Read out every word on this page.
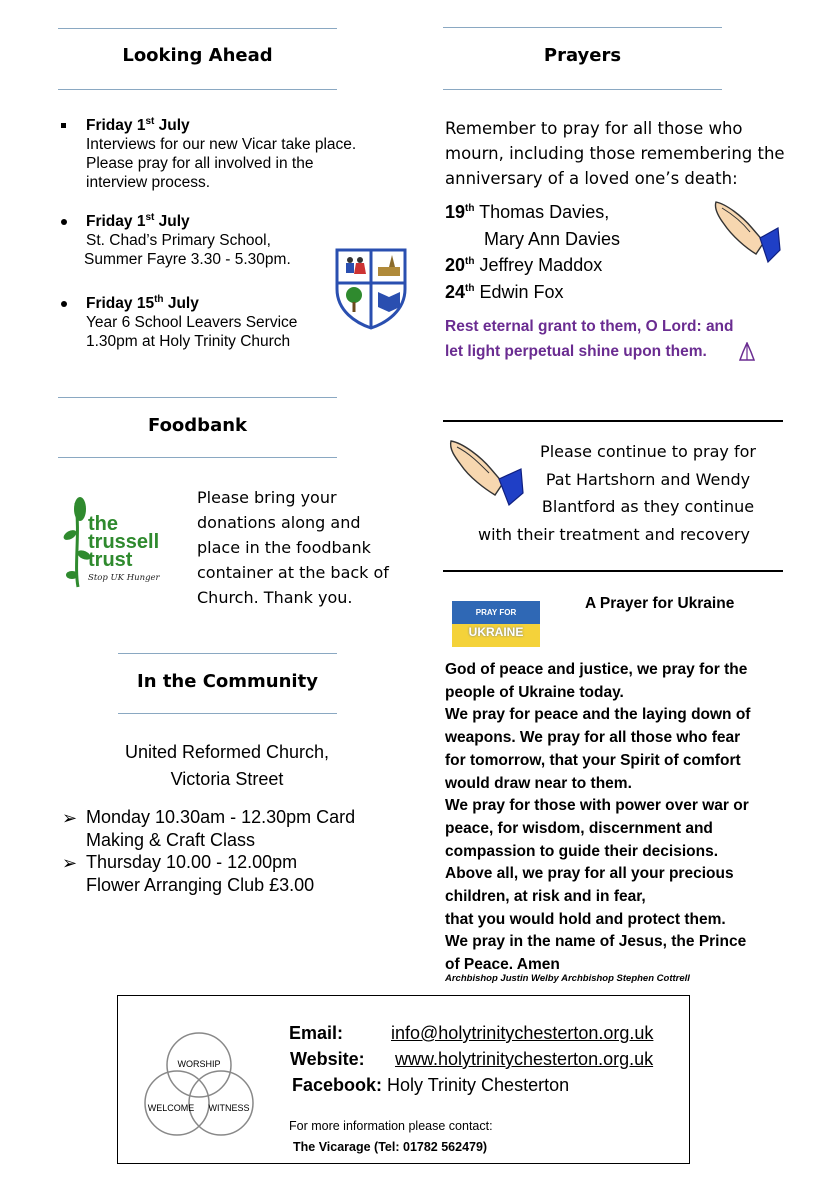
Looking Ahead
Friday 1st July
Interviews for our new Vicar take place.
Please pray for all involved in the
interview process.
Friday 1st July
St. Chad’s Primary School,
Summer Fayre 3.30 - 5.30pm.
Friday 15th July
Year 6 School Leavers Service
1.30pm at Holy Trinity Church
Foodbank
the
trussell
trust
Stop UK Hunger
Please bring your
donations along and
place in the foodbank
container at the back of
Church. Thank you.
In the Community
United Reformed Church,
Victoria Street
➢ Monday 10.30am - 12.30pm Card
Making & Craft Class
➢ Thursday 10.00 - 12.00pm
Flower Arranging Club £3.00
Prayers
Remember to pray for all those who
mourn, including those remembering the
anniversary of a loved one’s death:
19th Thomas Davies,
Mary Ann Davies
20th Jeffrey Maddox
24th Edwin Fox
Rest eternal grant to them, O Lord: and
let light perpetual shine upon them.
Please continue to pray for
Pat Hartshorn and Wendy
Blantford as they continue
with their treatment and recovery
PRAY FOR
UKRAINE
A Prayer for Ukraine
God of peace and justice, we pray for the
people of Ukraine today.
We pray for peace and the laying down of
weapons. We pray for all those who fear
for tomorrow, that your Spirit of comfort
would draw near to them.
We pray for those with power over war or
peace, for wisdom, discernment and
compassion to guide their decisions.
Above all, we pray for all your precious
children, at risk and in fear,
that you would hold and protect them.
We pray in the name of Jesus, the Prince
of Peace. Amen
Archbishop Justin Welby Archbishop Stephen Cottrell
WORSHIP
WELCOME WITNESS
Email:	info@holytrinitychesterton.org.uk
Website: www.holytrinitychesterton.org.uk
Facebook: Holy Trinity Chesterton
For more information please contact:
The Vicarage (Tel: 01782 562479)
